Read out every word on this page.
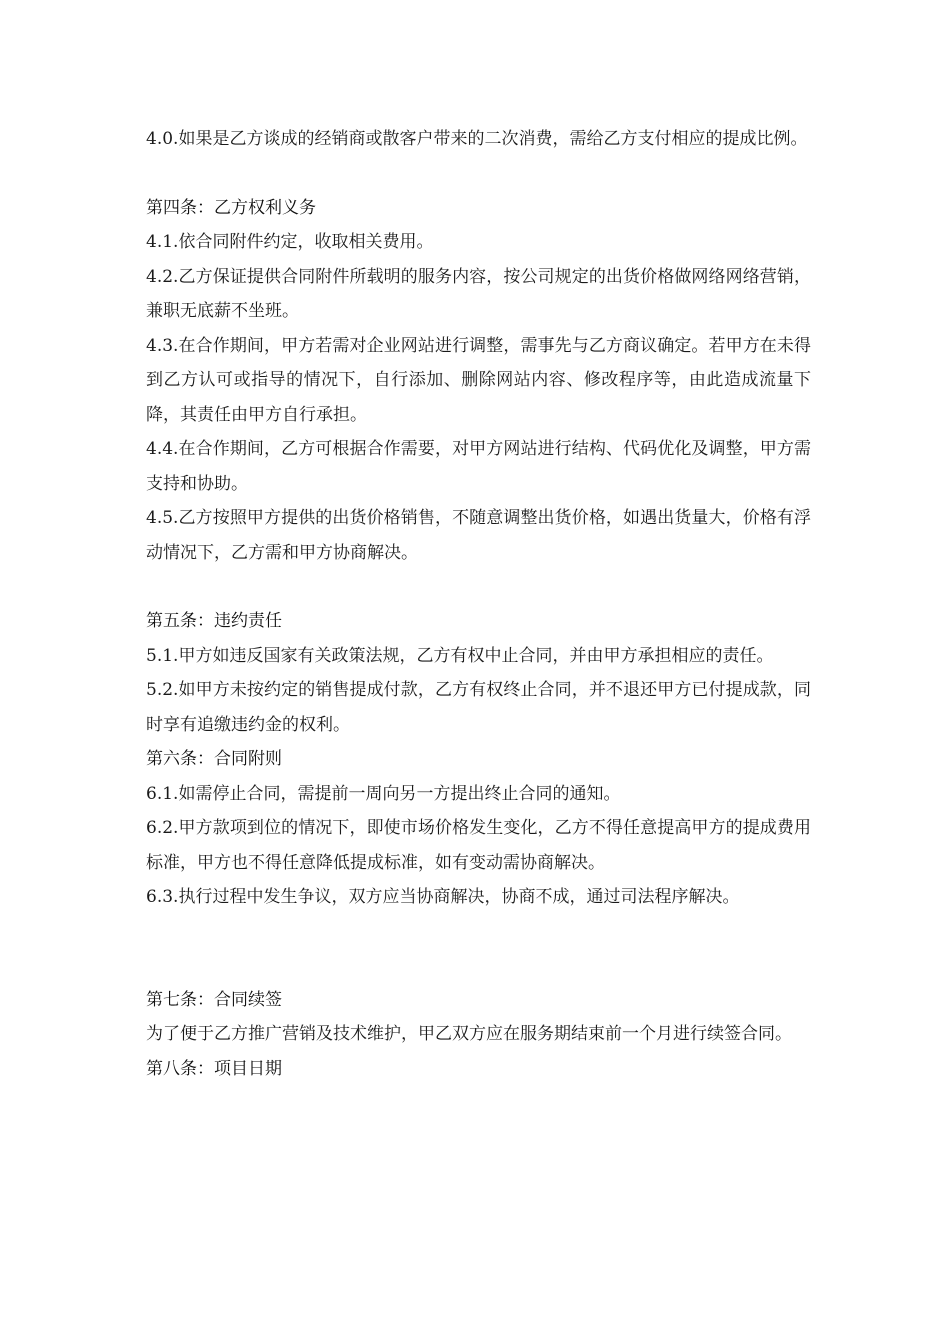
4.0.如果是乙方谈成的经销商或散客户带来的二次消费，需给乙方支付相应的提成比例。

第四条：乙方权利义务

4.1.依合同附件约定，收取相关费用。

4.2.乙方保证提供合同附件所载明的服务内容，按公司规定的出货价格做网络网络营销，兼职无底薪不坐班。

4.3.在合作期间，甲方若需对企业网站进行调整，需事先与乙方商议确定。若甲方在未得到乙方认可或指导的情况下，自行添加、删除网站内容、修改程序等，由此造成流量下降，其责任由甲方自行承担。

4.4.在合作期间，乙方可根据合作需要，对甲方网站进行结构、代码优化及调整，甲方需支持和协助。

4.5.乙方按照甲方提供的出货价格销售，不随意调整出货价格，如遇出货量大，价格有浮动情况下，乙方需和甲方协商解决。

第五条：违约责任

5.1.甲方如违反国家有关政策法规，乙方有权中止合同，并由甲方承担相应的责任。

5.2.如甲方未按约定的销售提成付款，乙方有权终止合同，并不退还甲方已付提成款，同时享有追缴违约金的权利。

第六条：合同附则

6.1.如需停止合同，需提前一周向另一方提出终止合同的通知。

6.2.甲方款项到位的情况下，即使市场价格发生变化，乙方不得任意提高甲方的提成费用标准，甲方也不得任意降低提成标准，如有变动需协商解决。

6.3.执行过程中发生争议，双方应当协商解决，协商不成，通过司法程序解决。

第七条：合同续签

为了便于乙方推广营销及技术维护，甲乙双方应在服务期结束前一个月进行续签合同。

第八条：项目日期
